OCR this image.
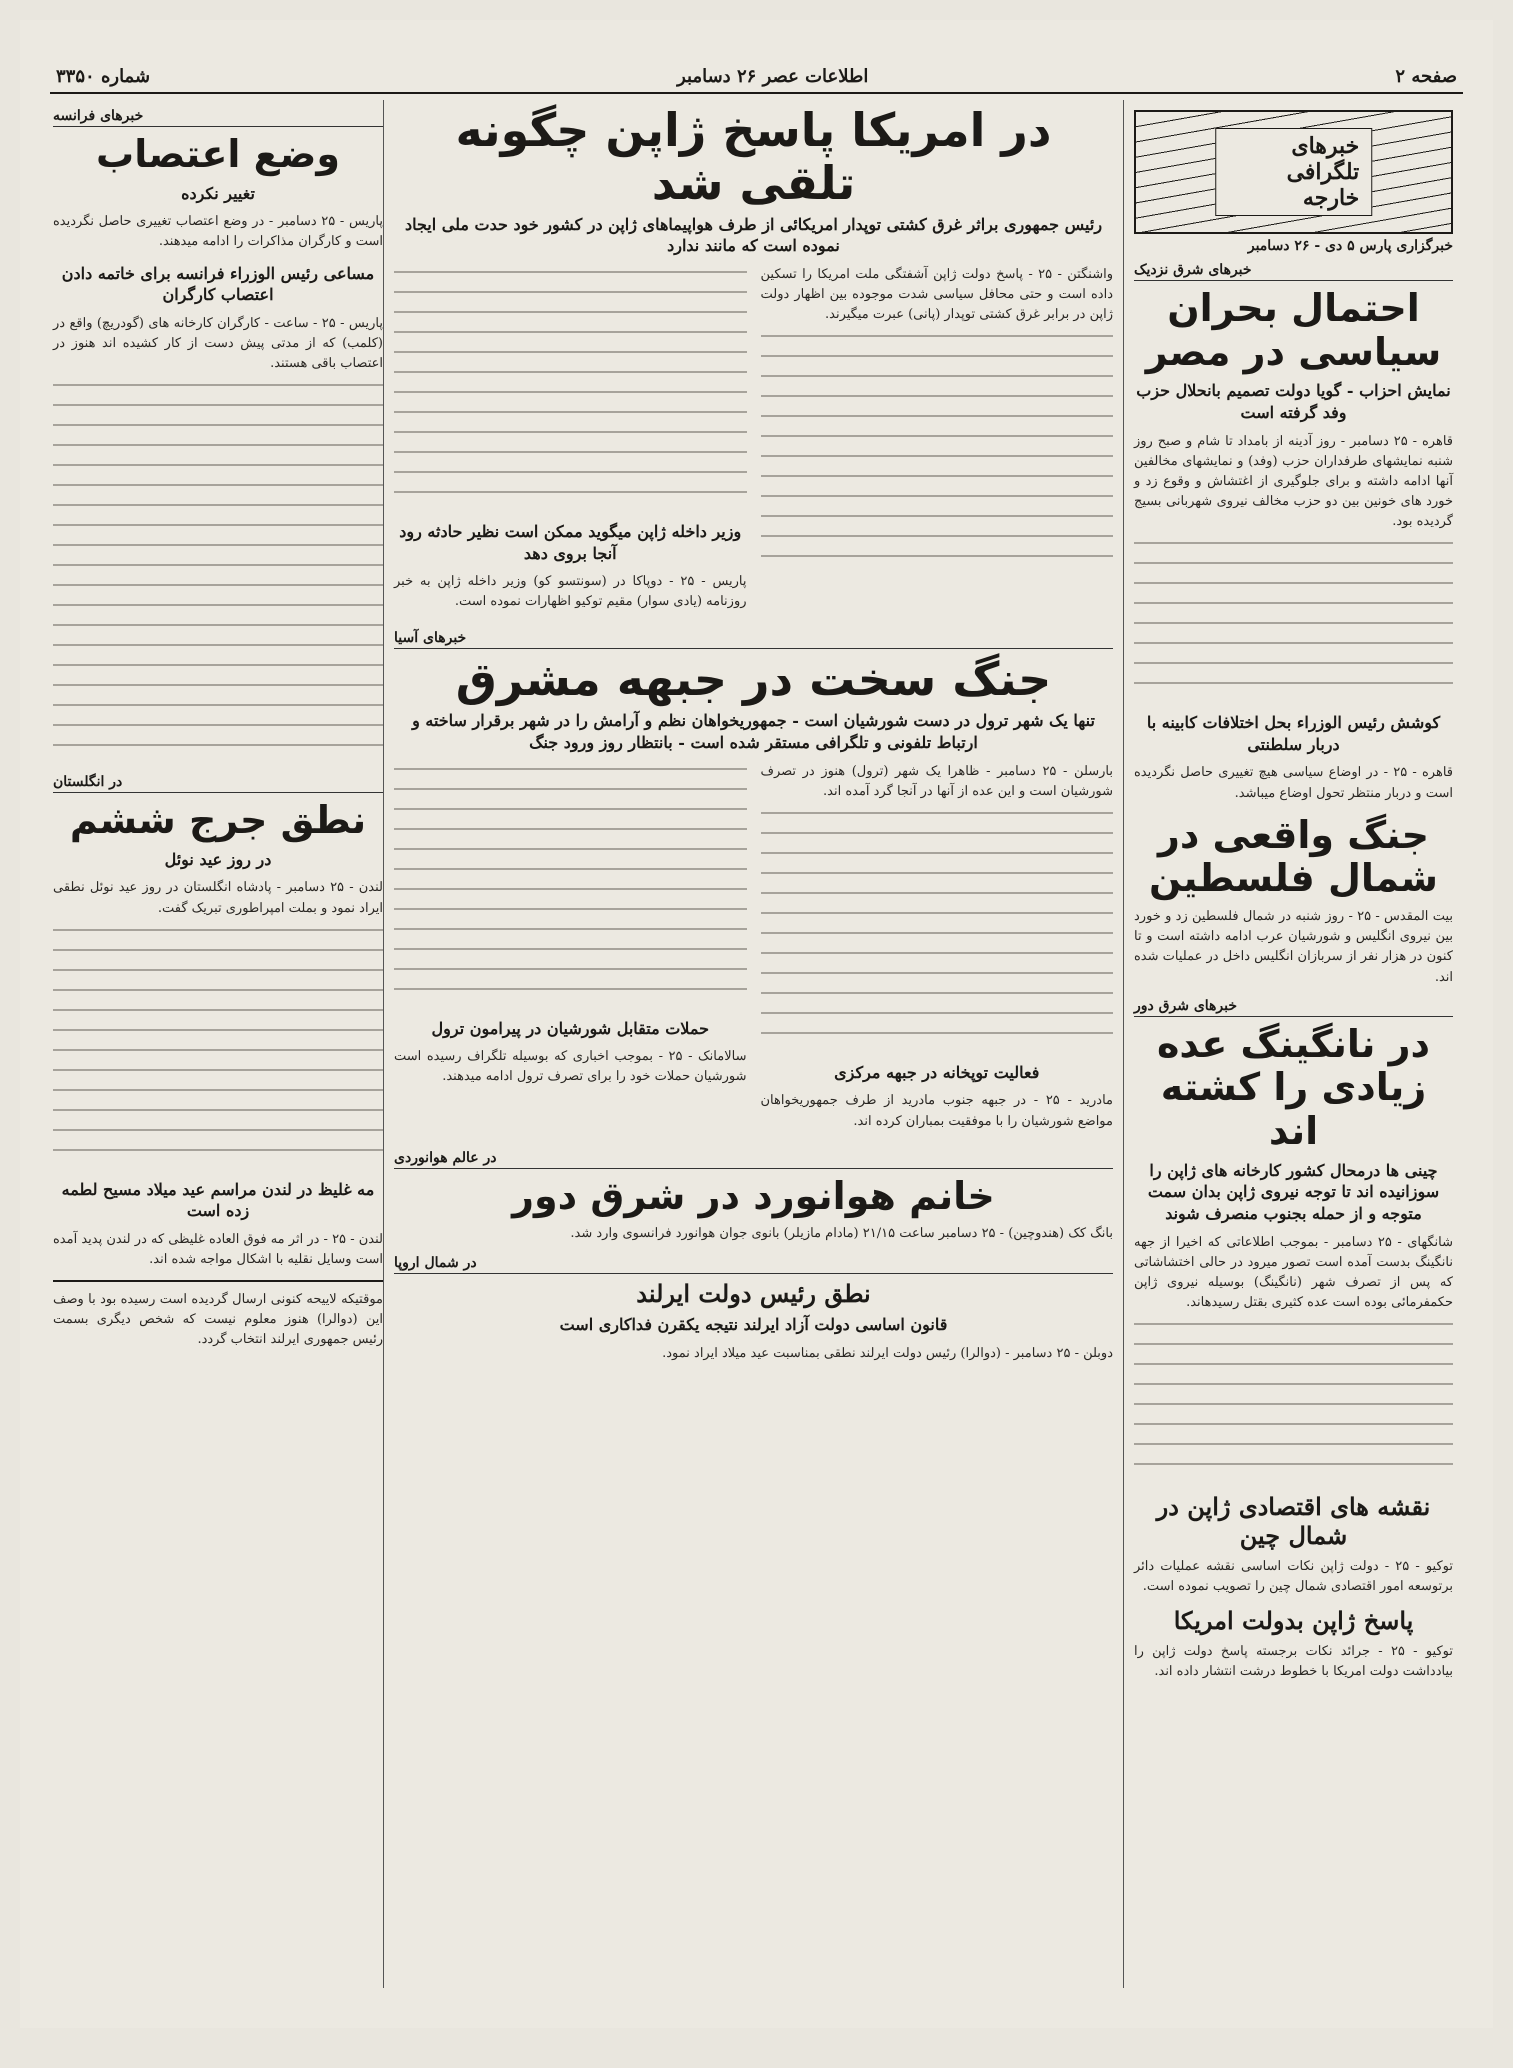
صفحه ۲
اطلاعات عصر ۲۶ دسامبر
شماره ۳۳۵۰
خبرهای تلگرافی خارجه
خبرگزاری پارس ۵ دی - ۲۶ دسامبر
خبرهای شرق نزدیک
احتمال بحران سیاسی در مصر
نمایش احزاب - گویا دولت تصمیم بانحلال حزب وفد گرفته است

قاهره - ۲۵ دسامبر - روز آدینه از بامداد تا شام و صبح روز شنبه نمایشهای طرفداران حزب (وفد) و نمایشهای مخالفین آنها ادامه داشته و برای جلوگیری از اغتشاش و وقوع زد و خورد های خونین بین دو حزب مخالف نیروی شهربانی بسیج گردیده بود.

کوشش رئیس الوزراء بحل اختلافات کابینه با دربار سلطنتی

قاهره - ۲۵ - در اوضاع سیاسی هیچ تغییری حاصل نگردیده است و دربار منتظر تحول اوضاع میباشد.

جنگ واقعی در شمال فلسطین

بیت المقدس - ۲۵ - روز شنبه در شمال فلسطین زد و خورد بین نیروی انگلیس و شورشیان عرب ادامه داشته است و تا کنون در هزار نفر از سربازان انگلیس داخل در عملیات شده اند.

خبرهای شرق دور
در نانگینگ عده زیادی را کشته اند
چینی ها درمحال کشور کارخانه های ژاپن را سوزانیده اند تا توجه نیروی ژاپن بدان سمت متوجه و از حمله بجنوب منصرف شوند

شانگهای - ۲۵ دسامبر - بموجب اطلاعاتی که اخیرا از جهه نانگینگ بدست آمده است تصور میرود در حالی اختشاشاتی که پس از تصرف شهر (نانگینگ) بوسیله نیروی ژاپن حکمفرمائی بوده است عده کثیری بقتل رسیدهاند.

نقشه های اقتصادی ژاپن در شمال چین

توکیو - ۲۵ - دولت ژاپن نکات اساسی نقشه عملیات دائر برتوسعه امور اقتصادی شمال چین را تصویب نموده است.

پاسخ ژاپن بدولت امریکا

توکیو - ۲۵ - جرائد نکات برجسته پاسخ دولت ژاپن را بیادداشت دولت امریکا با خطوط درشت انتشار داده اند.

در امریکا پاسخ ژاپن چگونه تلقی شد
رئیس جمهوری براثر غرق کشتی توپدار امریکائی از طرف هواپیماهای ژاپن در کشور خود حدت ملی ایجاد نموده است که مانند ندارد

واشنگتن - ۲۵ - پاسخ دولت ژاپن آشفتگی ملت امریکا را تسکین داده است و حتی محافل سیاسی شدت موجوده بین اظهار دولت ژاپن در برابر غرق کشتی توپدار (پانی) عبرت میگیرند.

وزیر داخله ژاپن میگوید ممکن است نظیر حادثه رود آنجا بروی دهد

پاریس - ۲۵ - دوپاکا در (سونتسو کو) وزیر داخله ژاپن به خبر روزنامه (یادی سوار) مقیم توکیو اظهارات نموده است.

خبرهای آسیا
جنگ سخت در جبهه مشرق
تنها یک شهر ترول در دست شورشیان است - جمهوریخواهان نظم و آرامش را در شهر برقرار ساخته و ارتباط تلفونی و تلگرافی مستقر شده است - بانتظار روز ورود جنگ

بارسلن - ۲۵ دسامبر - ظاهرا یک شهر (ترول) هنوز در تصرف شورشیان است و این عده از آنها در آنجا گرد آمده اند.

فعالیت توپخانه در جبهه مرکزی

مادرید - ۲۵ - در جبهه جنوب مادرید از طرف جمهوریخواهان مواضع شورشیان را با موفقیت بمباران کرده اند.

حملات متقابل شورشیان در پیرامون ترول

سالامانک - ۲۵ - بموجب اخباری که بوسیله تلگراف رسیده است شورشیان حملات خود را برای تصرف ترول ادامه میدهند.

در عالم هوانوردی
خانم هوانورد در شرق دور

بانگ کک (هندوچین) - ۲۵ دسامبر ساعت ۲۱/۱۵ (مادام مازیلر) بانوی جوان هوانورد فرانسوی وارد شد.

در شمال اروپا
نطق رئیس دولت ایرلند
قانون اساسی دولت آزاد ایرلند نتیجه یکقرن فداکاری است

دوبلن - ۲۵ دسامبر - (دوالرا) رئیس دولت ایرلند نطقی بمناسبت عید میلاد ایراد نمود.

خبرهای فرانسه
وضع اعتصاب
تغییر نکرده

پاریس - ۲۵ دسامبر - در وضع اعتصاب تغییری حاصل نگردیده است و کارگران مذاکرات را ادامه میدهند.

مساعی رئیس الوزراء فرانسه برای خاتمه دادن اعتصاب کارگران

پاریس - ۲۵ - ساعت - کارگران کارخانه های (گودریچ) واقع در (کلمب) که از مدتی پیش دست از کار کشیده اند هنوز در اعتصاب باقی هستند.

در انگلستان
نطق جرج ششم
در روز عید نوئل

لندن - ۲۵ دسامبر - پادشاه انگلستان در روز عید نوئل نطقی ایراد نمود و بملت امپراطوری تبریک گفت.

مه غلیظ در لندن مراسم عید میلاد مسیح لطمه زده است

لندن - ۲۵ - در اثر مه فوق العاده غلیظی که در لندن پدید آمده است وسایل نقلیه با اشکال مواجه شده اند.

موقتیکه لاییحه کنونی ارسال گردیده است رسیده بود با وصف این (دوالرا) هنوز معلوم نیست که شخص دیگری بسمت رئیس جمهوری ایرلند انتخاب گردد.
